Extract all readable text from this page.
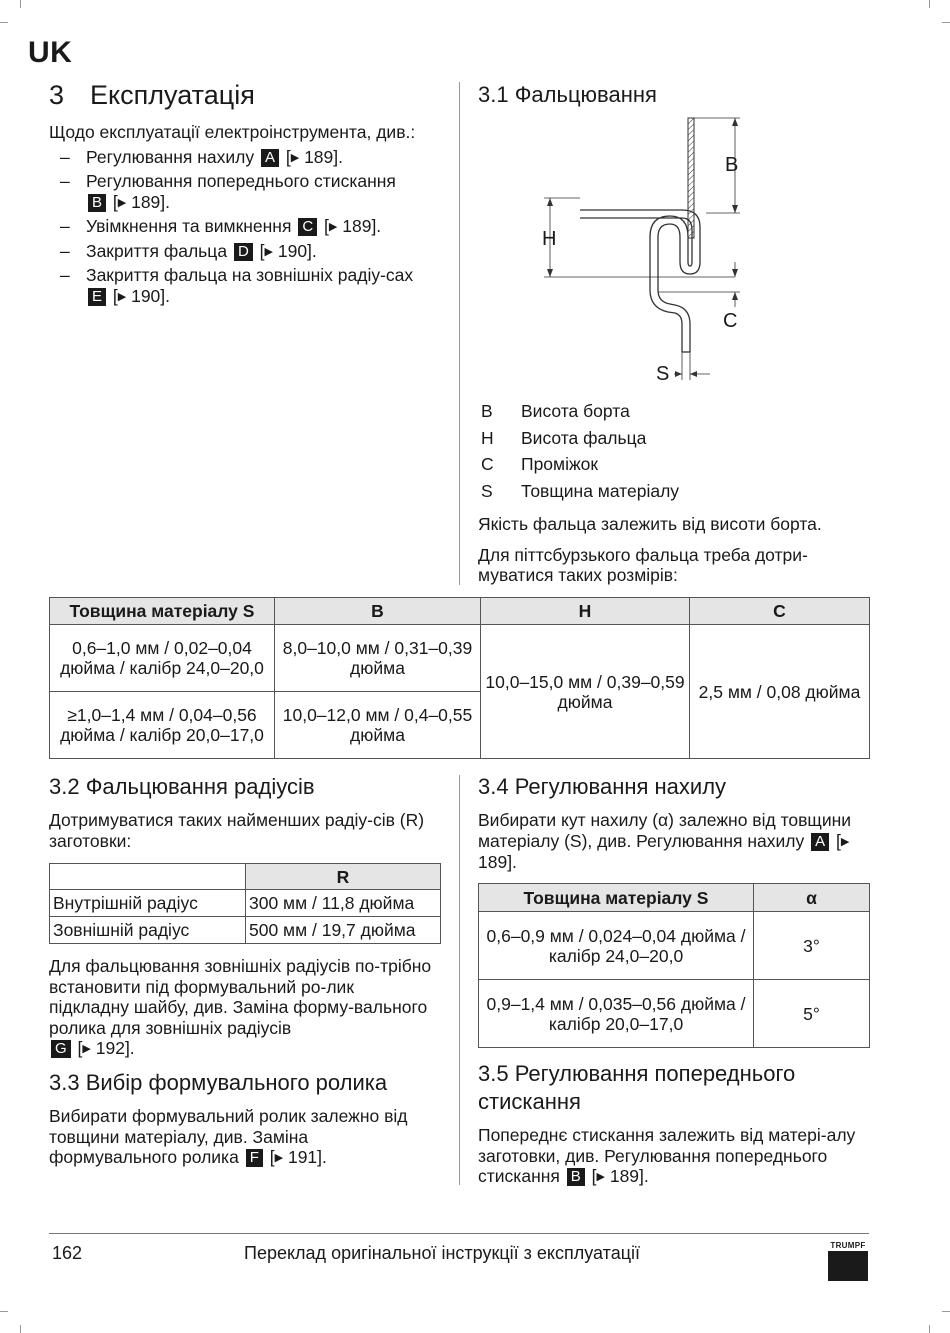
UK
3 Експлуатація
Щодо експлуатації електроінструмента, див.:
– Регулювання нахилу A [▶ 189].
– Регулювання попереднього стискання
B [▶ 189].
– Увімкнення та вимкнення C [▶ 189].
– Закриття фальца D [▶ 190].
– Закриття фальца на зовнішніх радіу-сах E [▶ 190].
3.1 Фальцювання
B
H
C
S
B Висота борта
H Висота фальца
C Проміжок
S Товщина матеріалу
Якість фальца залежить від висоти борта.
Для піттсбурзького фальца треба дотри-муватися таких розмірів:
Товщина матеріалу S	B	H	C
0,6–1,0 мм / 0,02–0,04 дюйма / калібр 24,0–20,0	8,0–10,0 мм / 0,31–0,39 дюйма	10,0–15,0 мм / 0,39–0,59 дюйма	2,5 мм / 0,08 дюйма
≥1,0–1,4 мм / 0,04–0,56 дюйма / калібр 20,0–17,0	10,0–12,0 мм / 0,4–0,55 дюйма		
3.2 Фальцювання радіусів
Дотримуватися таких найменших радіу-сів (R) заготовки:
	R
Внутрішній радіус	300 мм / 11,8 дюйма
Зовнішній радіус	500 мм / 19,7 дюйма
Для фальцювання зовнішніх радіусів по-трібно встановити під формувальний ро-лик підкладну шайбу, див. Заміна форму-вального ролика для зовнішніх радіусів
G [▶ 192].
3.3 Вибір формувального ролика
Вибирати формувальний ролик залежно від товщини матеріалу, див. Заміна формувального ролика F [▶ 191].
3.4 Регулювання нахилу
Вибирати кут нахилу (α) залежно від товщини матеріалу (S), див. Регулювання нахилу A [▶ 189].
Товщина матеріалу S	α
0,6–0,9 мм / 0,024–0,04 дюйма / калібр 24,0–20,0	3°
0,9–1,4 мм / 0,035–0,56 дюйма / калібр 20,0–17,0	5°
3.5 Регулювання попереднього стискання
Попереднє стискання залежить від матері-алу заготовки, див. Регулювання попереднього стискання B [▶ 189].
162	Переклад оригінальної інструкції з експлуатації	TRUMPF
